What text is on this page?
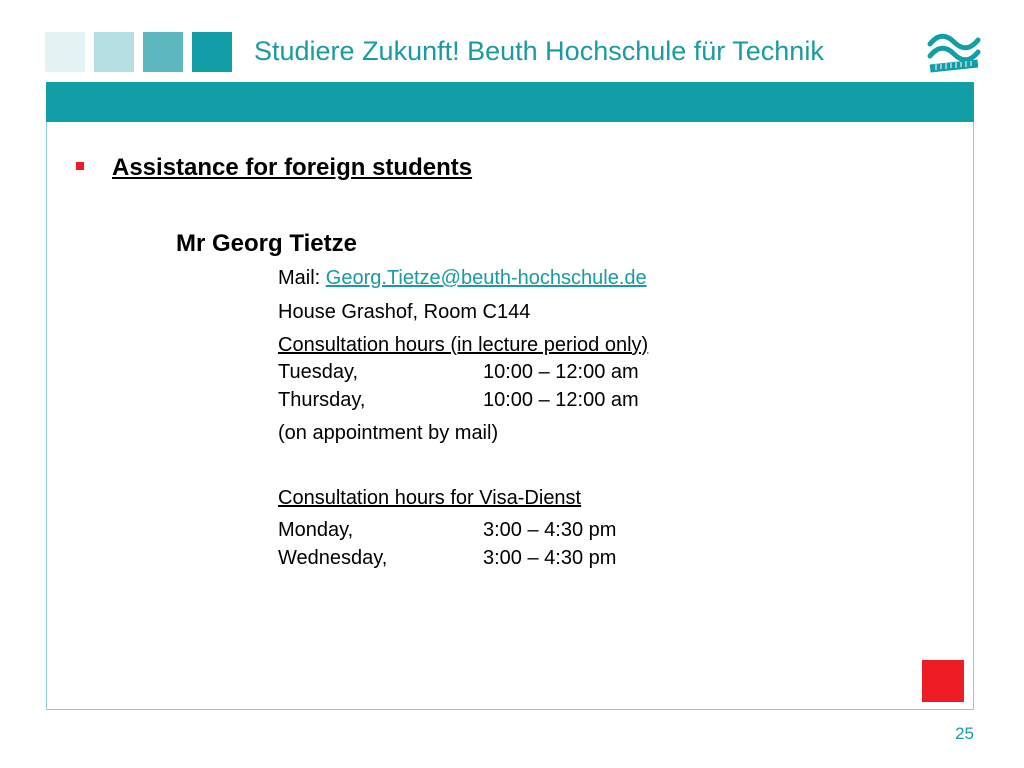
Studiere Zukunft! Beuth Hochschule für Technik
Assistance for foreign students
Mr Georg Tietze
Mail: Georg.Tietze@beuth-hochschule.de
House Grashof, Room C144
Consultation hours (in lecture period only)
Tuesday,	10:00 – 12:00 am
Thursday,	10:00 – 12:00 am
(on appointment by mail)
Consultation hours for Visa-Dienst
Monday,	3:00 – 4:30 pm
Wednesday,	3:00 – 4:30 pm
25
